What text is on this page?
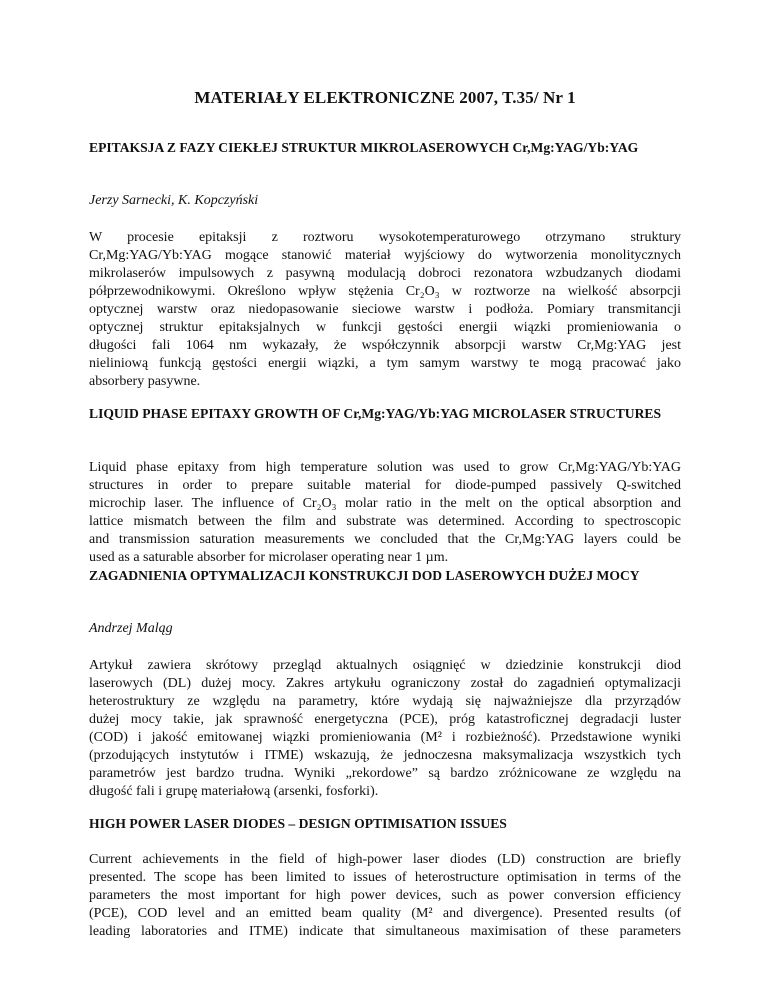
MATERIAŁY ELEKTRONICZNE 2007, T.35/ Nr 1
EPITAKSJA Z FAZY CIEKŁEJ STRUKTUR MIKROLASEROWYCH Cr,Mg:YAG/Yb:YAG
Jerzy Sarnecki, K. Kopczyński
W procesie epitaksji z roztworu wysokotemperaturowego otrzymano struktury
Cr,Mg:YAG/Yb:YAG mogące stanowić materiał wyjściowy do wytworzenia monolitycznych
mikrolaserów impulsowych z pasywną modulacją dobroci rezonatora wzbudzanych diodami
półprzewodnikowymi. Określono wpływ stężenia Cr₂O₃ w roztworze na wielkość absorpcji
optycznej warstw oraz niedopasowanie sieciowe warstw i podłoża. Pomiary transmitancji
optycznej struktur epitaksjalnych w funkcji gęstości energii wiązki promieniowania o
długości fali 1064 nm wykazały, że współczynnik absorpcji warstw Cr,Mg:YAG jest
nieliniową funkcją gęstości energii wiązki, a tym samym warstwy te mogą pracować jako
absorbery pasywne.
LIQUID PHASE EPITAXY GROWTH OF Cr,Mg:YAG/Yb:YAG MICROLASER STRUCTURES
Liquid phase epitaxy from high temperature solution was used to grow Cr,Mg:YAG/Yb:YAG
structures in order to prepare suitable material for diode-pumped passively Q-switched
microchip laser. The influence of Cr₂O₃ molar ratio in the melt on the optical absorption and
lattice mismatch between the film and substrate was determined. According to spectroscopic
and transmission saturation measurements we concluded that the Cr,Mg:YAG layers could be
used as a saturable absorber for microlaser operating near 1 µm.
ZAGADNIENIA OPTYMALIZACJI KONSTRUKCJI DOD LASEROWYCH DUŻEJ MOCY
Andrzej Maląg
Artykuł zawiera skrótowy przegląd aktualnych osiągnięć w dziedzinie konstrukcji diod
laserowych (DL) dużej mocy. Zakres artykułu ograniczony został do zagadnień optymalizacji
heterostruktury ze względu na parametry, które wydają się najważniejsze dla przyrządów
dużej mocy takie, jak sprawność energetyczna (PCE), próg katastroficznej degradacji luster
(COD) i jakość emitowanej wiązki promieniowania (M² i rozbieżność). Przedstawione wyniki
(przodujących instytutów i ITME) wskazują, że jednoczesna maksymalizacja wszystkich tych
parametrów jest bardzo trudna. Wyniki „rekordowe” są bardzo zróżnicowane ze względu na
długość fali i grupę materiałową (arsenki, fosforki).
HIGH POWER LASER DIODES – DESIGN OPTIMISATION ISSUES
Current achievements in the field of high-power laser diodes (LD) construction are briefly
presented. The scope has been limited to issues of heterostructure optimisation in terms of the
parameters the most important for high power devices, such as power conversion efficiency
(PCE), COD level and an emitted beam quality (M² and divergence). Presented results (of
leading laboratories and ITME) indicate that simultaneous maximisation of these parameters
